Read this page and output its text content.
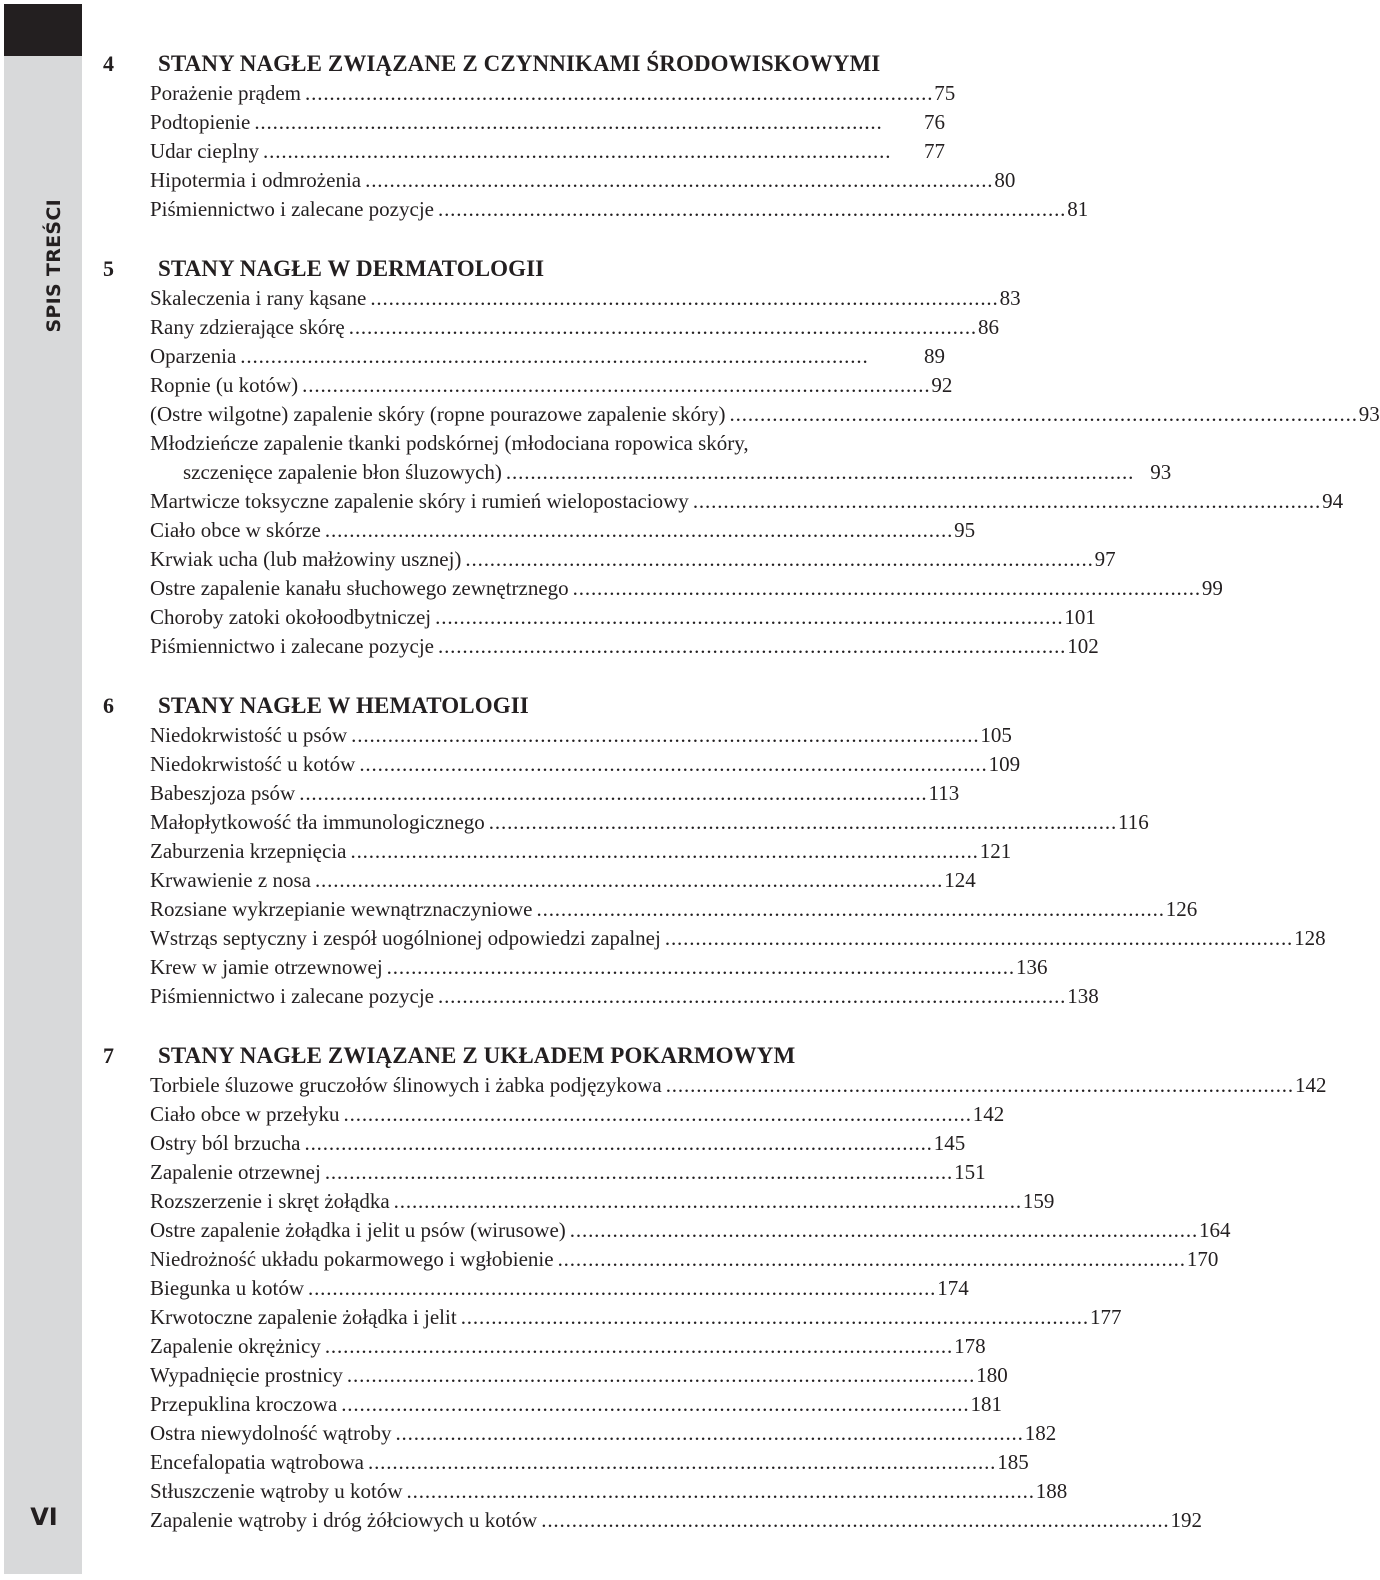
SPIS TREŚCI
VI
4	STANY NAGŁE ZWIĄZANE Z CZYNNIKAMI ŚRODOWISKOWYMI
Porażenie prądem . . .	75
Podtopienie . . .	76
Udar cieplny . . .	77
Hipotermia i odmrożenia . . .	80
Piśmiennictwo i zalecane pozycje . . .	81
5	STANY NAGŁE W DERMATOLOGII
Skaleczenia i rany kąsane . . .	83
Rany zdzierające skórę . . .	86
Oparzenia . . .	89
Ropnie (u kotów) . . .	92
(Ostre wilgotne) zapalenie skóry (ropne pourazowe zapalenie skóry) . . .	93
Młodzieńcze zapalenie tkanki podskórnej (młodociana ropowica skóry,
szczenięce zapalenie błon śluzowych) . . .	93
Martwicze toksyczne zapalenie skóry i rumień wielopostaciowy . . .	94
Ciało obce w skórze . . .	95
Krwiak ucha (lub małżowiny usznej) . . .	97
Ostre zapalenie kanału słuchowego zewnętrznego . . .	99
Choroby zatoki okołoodbytniczej . . .	101
Piśmiennictwo i zalecane pozycje . . .	102
6	STANY NAGŁE W HEMATOLOGII
Niedokrwistość u psów . . .	105
Niedokrwistość u kotów . . .	109
Babeszjoza psów . . .	113
Małopłytkowość tła immunologicznego . . .	116
Zaburzenia krzepnięcia . . .	121
Krwawienie z nosa . . .	124
Rozsiane wykrzepianie wewnątrznaczyniowe . . .	126
Wstrząs septyczny i zespół uogólnionej odpowiedzi zapalnej . . .	128
Krew w jamie otrzewnowej . . .	136
Piśmiennictwo i zalecane pozycje . . .	138
7	STANY NAGŁE ZWIĄZANE Z UKŁADEM POKARMOWYM
Torbiele śluzowe gruczołów ślinowych i żabka podjęzykowa . . .	142
Ciało obce w przełyku . . .	142
Ostry ból brzucha . . .	145
Zapalenie otrzewnej . . .	151
Rozszerzenie i skręt żołądka . . .	159
Ostre zapalenie żołądka i jelit u psów (wirusowe) . . .	164
Niedrożność układu pokarmowego i wgłobienie . . .	170
Biegunka u kotów . . .	174
Krwotoczne zapalenie żołądka i jelit . . .	177
Zapalenie okrężnicy . . .	178
Wypadnięcie prostnicy . . .	180
Przepuklina kroczowa . . .	181
Ostra niewydolność wątroby . . .	182
Encefalopatia wątrobowa . . .	185
Stłuszczenie wątroby u kotów . . .	188
Zapalenie wątroby i dróg żółciowych u kotów . . .	192
